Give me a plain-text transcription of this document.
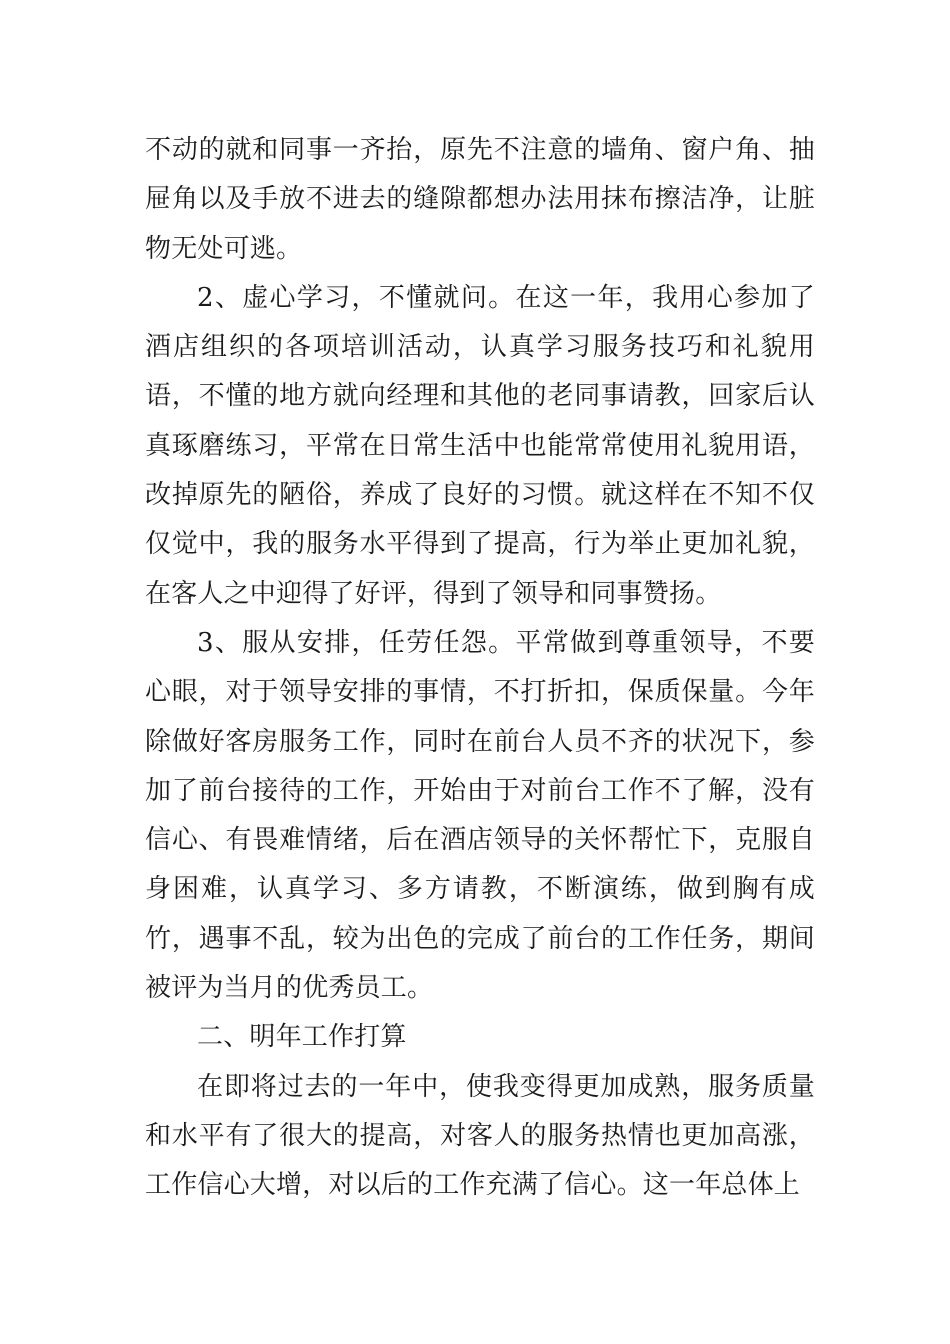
不动的就和同事一齐抬，原先不注意的墙角、窗户角、抽屉角以及手放不进去的缝隙都想办法用抹布擦洁净，让脏物无处可逃。

2、虚心学习，不懂就问。在这一年，我用心参加了酒店组织的各项培训活动，认真学习服务技巧和礼貌用语，不懂的地方就向经理和其他的老同事请教，回家后认真琢磨练习，平常在日常生活中也能常常使用礼貌用语，改掉原先的陋俗，养成了良好的习惯。就这样在不知不仅仅觉中，我的服务水平得到了提高，行为举止更加礼貌，在客人之中迎得了好评，得到了领导和同事赞扬。

3、服从安排，任劳任怨。平常做到尊重领导，不要心眼，对于领导安排的事情，不打折扣，保质保量。今年除做好客房服务工作，同时在前台人员不齐的状况下，参加了前台接待的工作，开始由于对前台工作不了解，没有信心、有畏难情绪，后在酒店领导的关怀帮忙下，克服自身困难，认真学习、多方请教，不断演练，做到胸有成竹，遇事不乱，较为出色的完成了前台的工作任务，期间被评为当月的优秀员工。

二、明年工作打算

在即将过去的一年中，使我变得更加成熟，服务质量和水平有了很大的提高，对客人的服务热情也更加高涨，工作信心大增，对以后的工作充满了信心。这一年总体上
